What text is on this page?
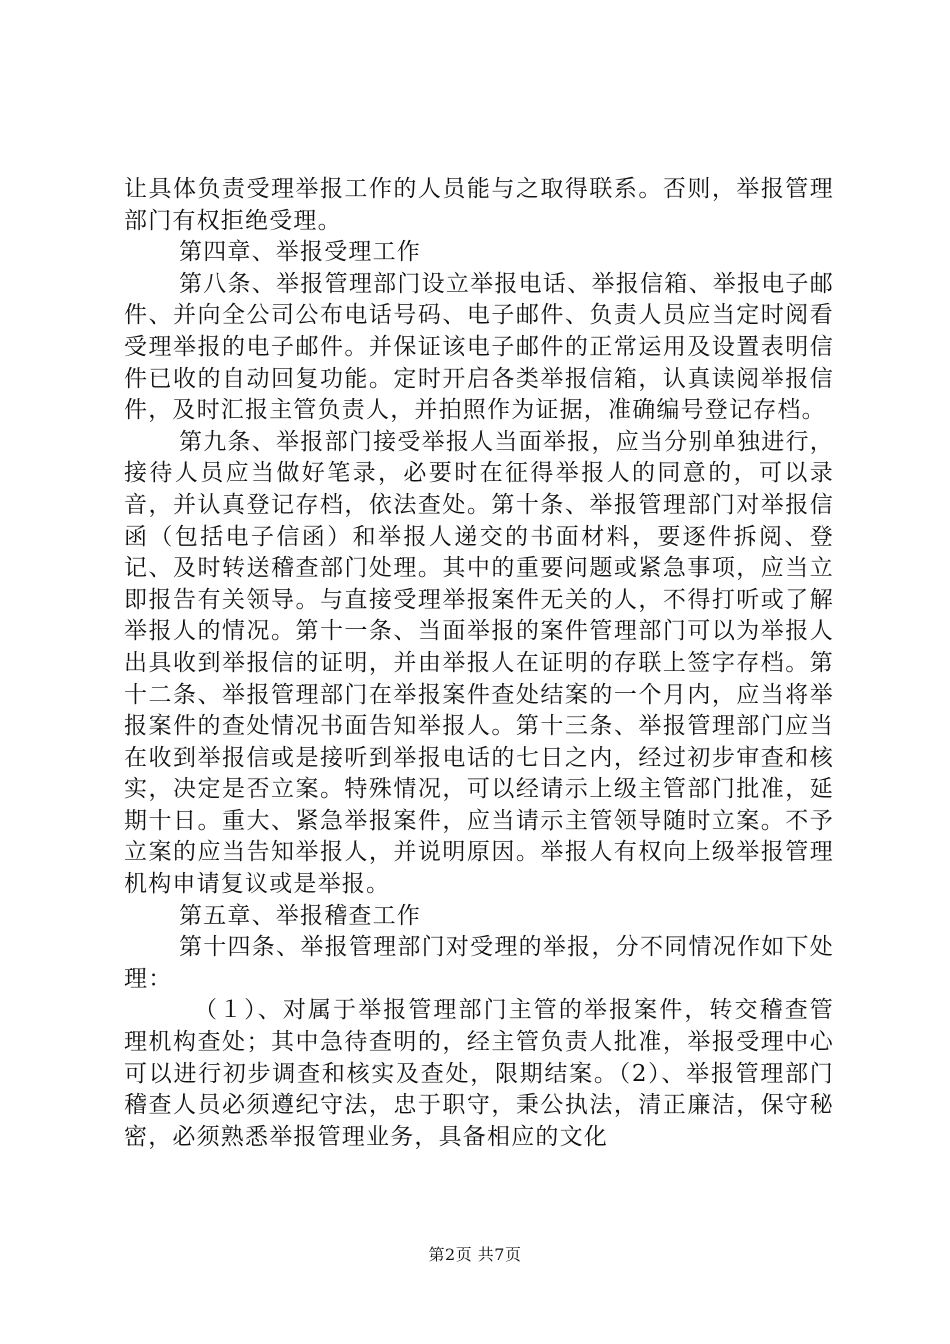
让具体负责受理举报工作的人员能与之取得联系。否则，举报管理部门有权拒绝受理。

第四章、举报受理工作

第八条、举报管理部门设立举报电话、举报信箱、举报电子邮件、并向全公司公布电话号码、电子邮件、负责人员应当定时阅看受理举报的电子邮件。并保证该电子邮件的正常运用及设置表明信件已收的自动回复功能。定时开启各类举报信箱，认真读阅举报信件，及时汇报主管负责人，并拍照作为证据，准确编号登记存档。

第九条、举报部门接受举报人当面举报，应当分别单独进行，接待人员应当做好笔录，必要时在征得举报人的同意的，可以录音，并认真登记存档，依法查处。第十条、举报管理部门对举报信函（包括电子信函）和举报人递交的书面材料，要逐件拆阅、登记、及时转送稽查部门处理。其中的重要问题或紧急事项，应当立即报告有关领导。与直接受理举报案件无关的人，不得打听或了解举报人的情况。第十一条、当面举报的案件管理部门可以为举报人出具收到举报信的证明，并由举报人在证明的存联上签字存档。第十二条、举报管理部门在举报案件查处结案的一个月内，应当将举报案件的查处情况书面告知举报人。第十三条、举报管理部门应当在收到举报信或是接听到举报电话的七日之内，经过初步审查和核实，决定是否立案。特殊情况，可以经请示上级主管部门批准，延期十日。重大、紧急举报案件，应当请示主管领导随时立案。不予立案的应当告知举报人，并说明原因。举报人有权向上级举报管理机构申请复议或是举报。

第五章、举报稽查工作

第十四条、举报管理部门对受理的举报，分不同情况作如下处理：

（１）、对属于举报管理部门主管的举报案件，转交稽查管理机构查处；其中急待查明的，经主管负责人批准，举报受理中心可以进行初步调查和核实及查处，限期结案。（2）、举报管理部门稽查人员必须遵纪守法，忠于职守，秉公执法，清正廉洁，保守秘密，必须熟悉举报管理业务，具备相应的文化

第2页 共7页
